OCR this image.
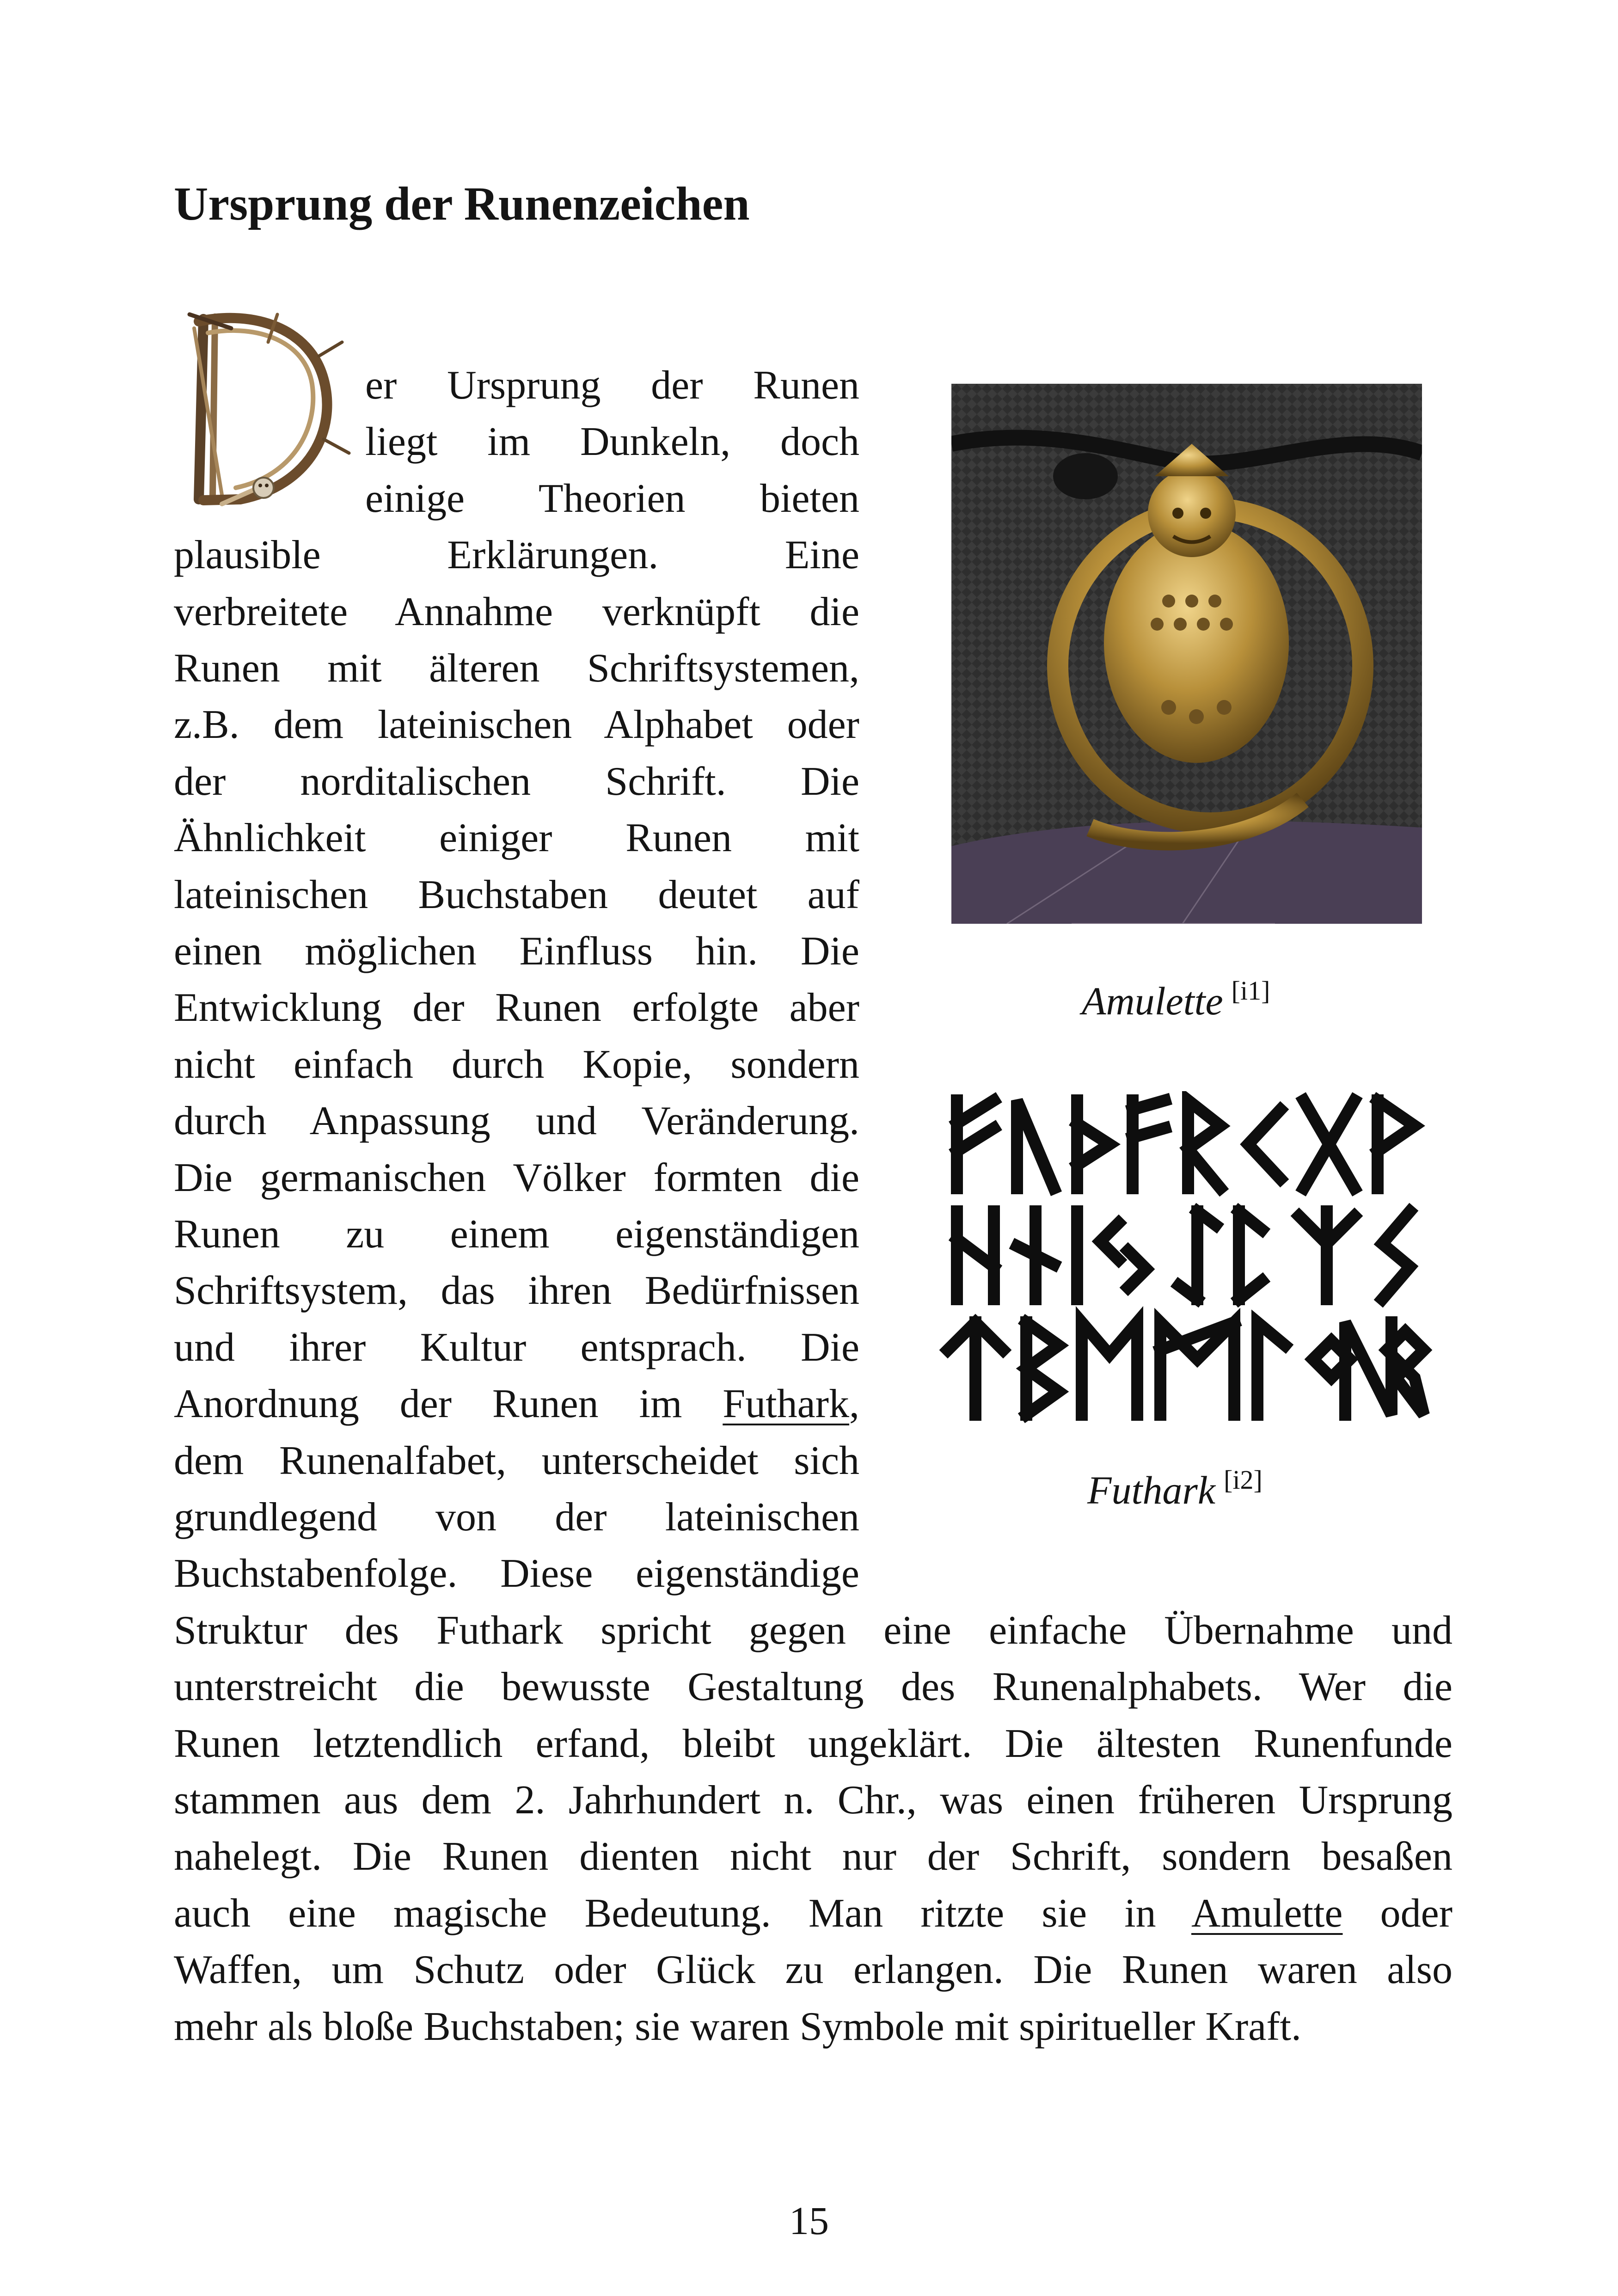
Ursprung der Runenzeichen
er Ursprung der Runen
liegt im Dunkeln, doch
einige Theorien bieten
plausible Erklärungen. Eine
verbreitete Annahme verknüpft die
Runen mit älteren Schriftsystemen,
z.B. dem lateinischen Alphabet oder
der norditalischen Schrift. Die
Ähnlichkeit einiger Runen mit
lateinischen Buchstaben deutet auf
einen möglichen Einfluss hin. Die
Entwicklung der Runen erfolgte aber
nicht einfach durch Kopie, sondern
durch Anpassung und Veränderung.
Die germanischen Völker formten die
Runen zu einem eigenständigen
Schriftsystem, das ihren Bedürfnissen
und ihrer Kultur entsprach. Die
Anordnung der Runen im Futhark,
dem Runenalfabet, unterscheidet sich
grundlegend von der lateinischen
Buchstabenfolge. Diese eigenständige
Struktur des Futhark spricht gegen eine einfache Übernahme und
unterstreicht die bewusste Gestaltung des Runenalphabets. Wer die
Runen letztendlich erfand, bleibt ungeklärt. Die ältesten Runenfunde
stammen aus dem 2. Jahrhundert n. Chr., was einen früheren Ursprung
nahelegt. Die Runen dienten nicht nur der Schrift, sondern besaßen
auch eine magische Bedeutung. Man ritzte sie in Amulette oder
Waffen, um Schutz oder Glück zu erlangen. Die Runen waren also
mehr als bloße Buchstaben; sie waren Symbole mit spiritueller Kraft.
Amulette [i1]
Futhark [i2]
15
